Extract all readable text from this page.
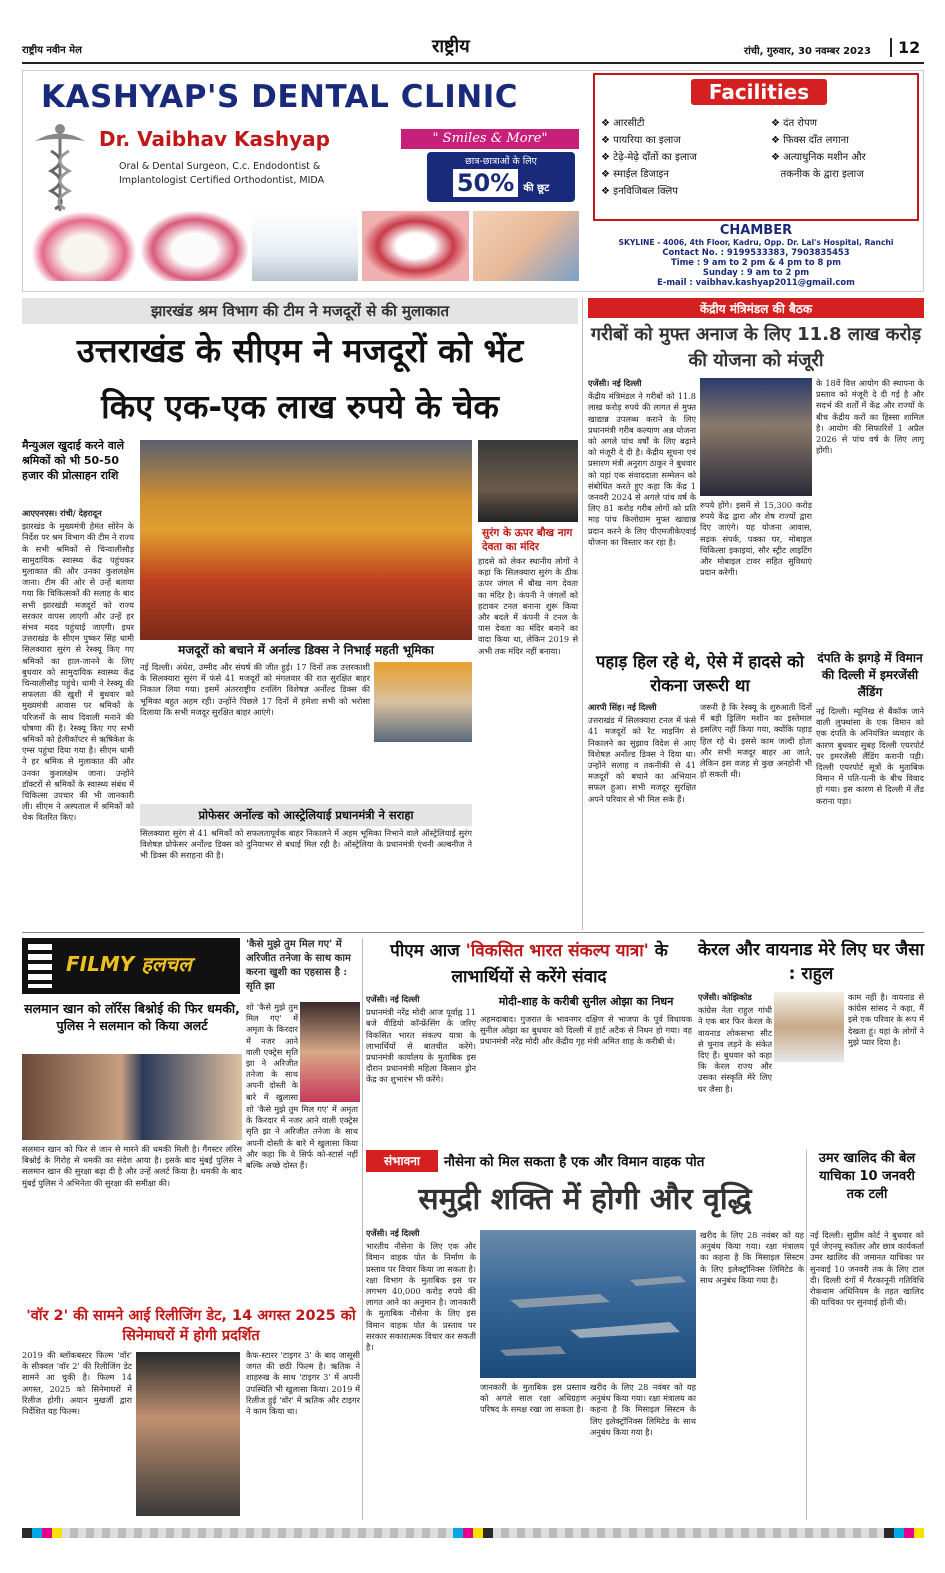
राष्ट्रीय नवीन मेल	राष्ट्रीय	रांची, गुरुवार, 30 नवम्बर 2023	12
KASHYAP'S DENTAL CLINIC
Dr. Vaibhav Kashyap
Oral & Dental Surgeon, C.c. Endodontist &
Implantologist Certified Orthodontist, MIDA
" Smiles & More"
छात्र-छात्राओं के लिए
50% की छूट
Facilities
❖ आरसीटी
❖ पायरिया का इलाज
❖ टेढ़े-मेढ़े दाँतों का इलाज
❖ स्माईल डिजाइन
❖ इनविजिबल क्लिप
❖ दंत रोपण
❖ फिक्स दाँत लगाना
❖ अत्याधुनिक मशीन और
तकनीक के द्वारा इलाज
CHAMBER
SKYLINE - 4006, 4th Floor, Kadru, Opp. Dr. Lal's Hospital, Ranchi
Contact No. : 9199533383, 7903835453
Time : 9 am to 2 pm & 4 pm to 8 pm
Sunday : 9 am to 2 pm
E-mail : vaibhav.kashyap2011@gmail.com
झारखंड श्रम विभाग की टीम ने मजदूरों से की मुलाकात
उत्तराखंड के सीएम ने मजदूरों को भेंट
किए एक-एक लाख रुपये के चेक
मैन्युअल खुदाई करने वाले श्रमिकों को भी 50-50 हजार की प्रोत्साहन राशि

आएएनएस। रांची/ देहरादून

झारखंड के मुख्यमंत्री हेमंत सोरेन के निर्देश पर श्रम विभाग की टीम ने राज्य के सभी श्रमिकों से चिन्यालीसौड़ सामुदायिक स्वास्थ्य केंद्र पहुंचकर मुलाकात की और उनका कुशलक्षेम जाना। टीम की ओर से उन्हें बताया गया कि चिकित्सकों की सलाह के बाद सभी झारखंडी मजदूरों को राज्य सरकार वापस लाएगी और उन्हें हर संभव मदद पहुंचाई जाएगी। इधर उत्तराखंड के सीएम पुष्कर सिंह धामी सिलक्यारा सुरंग से रेस्क्यू किए गए श्रमिकों का हाल-जानने के लिए बुधवार को सामुदायिक स्वास्थ्य केंद्र चिन्यालीसौड़ पहुंचे। धामी ने रेस्क्यू की सफलता की खुशी में बुधवार को मुख्यमंत्री आवास पर श्रमिकों के परिजनों के साथ दिवाली मनाने की घोषणा की है। रेस्क्यू किए गए सभी श्रमिकों को हेलीकॉप्टर से ऋषिकेश के एम्स पहुंचा दिया गया है। सीएम धामी ने हर श्रमिक से मुलाकात की और उनका कुशलक्षेम जाना। उन्होंने डॉक्टरों से श्रमिकों के स्वास्थ्य संबंध में चिकित्सा उपचार की भी जानकारी ली। सीएम ने अस्पताल में श्रमिकों को चेक वितरित किए।

मजदूरों को बचाने में अर्नाल्ड डिक्स ने निभाई महती भूमिका
नई दिल्ली। अंधेरा, उम्मीद और संघर्ष की जीत हुई। 17 दिनों तक उत्तरकाशी के सिलक्यारा सुरंग में फंसे 41 मजदूरों को मंगलवार की रात सुरक्षित बाहर निकाल लिया गया। इसमें अंतरराष्ट्रीय टनलिंग विशेषज्ञ अर्नोल्ड डिक्स की भूमिका बहुत अहम रही। उन्होंने पिछले 17 दिनों में हमेशा सभी को भरोसा दिलाया कि सभी मजदूर सुरक्षित बाहर आएंगे।
सुरंग के ऊपर बौख नाग देवता का मंदिर
हादसे को लेकर स्थानीय लोगों ने कहा कि सिलक्यारा सुरंग के ठीक ऊपर जंगल में बौख नाग देवता का मंदिर है। कंपनी ने जंगलों को हटाकर टनल बनाना शुरू किया और बदले में कंपनी ने टनल के पास देवता का मंदिर बनाने का वादा किया था, लेकिन 2019 से अभी तक मंदिर नहीं बनाया।
प्रोफेसर अर्नोल्ड को आस्ट्रेलियाई प्रधानमंत्री ने सराहा
सिलक्यारा सुरंग से 41 श्रमिकों को सफलतापूर्वक बाहर निकालने में अहम भूमिका निभाने वाले ऑस्ट्रेलियाई सुरंग विशेषज्ञ प्रोफेसर अर्नोल्ड डिक्स को दुनियाभर से बधाई मिल रही है। ऑस्ट्रेलिया के प्रधानमंत्री एंथनी अल्बनीज ने भी डिक्स की सराहना की है।
केंद्रीय मंत्रिमंडल की बैठक
गरीबों को मुफ्त अनाज के लिए 11.8 लाख करोड़ की योजना को मंजूरी

एजेंसी। नई दिल्ली

केंद्रीय मंत्रिमंडल ने गरीबों को 11.8 लाख करोड़ रुपये की लागत से मुफ्त खाद्यान्न उपलब्ध कराने के लिए प्रधानमंत्री गरीब कल्याण अन्न योजना को अगले पांच वर्षों के लिए बढ़ाने को मंजूरी दे दी है। केंद्रीय सूचना एवं प्रसारण मंत्री अनुराग ठाकुर ने बुधवार को यहां एक संवाददाता सम्मेलन को संबोधित करते हुए कहा कि केंद्र 1 जनवरी 2024 से अगले पांच वर्ष के लिए 81 करोड़ गरीब लोगों को प्रति माह पांच किलोग्राम मुफ्त खाद्यान्न प्रदान करने के लिए पीएमजीकेएवाई योजना का विस्तार कर रहा है।

रुपये होंगे। इसमें से 15,300 करोड़ रुपये केंद्र द्वारा और शेष राज्यों द्वारा दिए जाएंगे। यह योजना आवास, सड़क संपर्क, पक्का घर, मोबाइल चिकित्सा इकाइयां, सौर स्ट्रीट लाइटिंग और मोबाइल टावर सहित सुविधाएं प्रदान करेगी।
के 18वें वित्त आयोग की स्थापना के प्रस्ताव को मंजूरी दे दी गई है और सदर्भ की शर्तों में केंद्र और राज्यों के बीच केंद्रीय करों का हिस्सा शामिल है। आयोग की सिफारिशें 1 अप्रैल 2026 से पांच वर्ष के लिए लागू होंगी।
पहाड़ हिल रहे थे, ऐसे में हादसे को रोकना जरूरी था

आरपी सिंह। नई दिल्ली

उत्तराखंड में सिलक्यारा टनल में फंसे 41 मजदूरों को रैट माइनिंग से निकालने का सुझाव विदेश से आए विशेषज्ञ अर्नोल्ड डिक्स ने दिया था। उन्होंने सलाह व तकनीकी से 41 मजदूरों को बचाने का अभियान सफल हुआ। सभी मजदूर सुरक्षित अपने परिवार से भी मिल सके हैं।

जरूरी है कि रेस्क्यू के शुरुआती दिनों में बड़ी ड्रिलिंग मशीन का इस्तेमाल इसलिए नहीं किया गया, क्योंकि पहाड़ हिल रहे थे। इससे काम जल्दी होता और सभी मजदूर बाहर आ जाते, लेकिन इस वजह से कुछ अनहोनी भी हो सकती थी।
दंपति के झगड़े में विमान की दिल्ली में इमरजेंसी लैंडिंग
नई दिल्ली। म्यूनिख से बैंकॉक जाने वाली लुफ्थांसा के एक विमान को एक दंपति के अनियंत्रित व्यवहार के कारण बुधवार सुबह दिल्ली एयरपोर्ट पर इमरजेंसी लैंडिंग करानी पड़ी। दिल्ली एयरपोर्ट सूत्रों के मुताबिक विमान में पति-पत्नी के बीच विवाद हो गया। इस कारण से दिल्ली में लैंड कराना पड़ा।
FILMY हलचल
'कैसे मुझे तुम मिल गए' में अरिजीत तनेजा के साथ काम करना खुशी का एहसास है : सृति झा
सलमान खान को लॉरेंस बिश्नोई की फिर धमकी, पुलिस ने सलमान को किया अलर्ट
सलमान खान को फिर से जान से मारने की धमकी मिली है। गैंगस्टर लॉरेंस बिश्नोई के गिरोह से धमकी का संदेश आया है। इसके बाद मुंबई पुलिस ने सलमान खान की सुरक्षा बढ़ा दी है और उन्हें अलर्ट किया है। धमकी के बाद मुंबई पुलिस ने अभिनेता की सुरक्षा की समीक्षा की।

शो 'कैसे मुझे तुम मिल गए' में अमृता के किरदार में नजर आने वाली एक्ट्रेस सृति झा ने अरिजीत तनेजा के साथ अपनी दोस्ती के बारे में खुलासा

शो 'कैसे मुझे तुम मिल गए' में अमृता के किरदार में नजर आने वाली एक्ट्रेस सृति झा ने अरिजीत तनेजा के साथ अपनी दोस्ती के बारे में खुलासा किया और कहा कि वे सिर्फ को-स्टार्स नहीं बल्कि अच्छे दोस्त हैं।
'वॉर 2' की सामने आई रिलीजिंग डेट, 14 अगस्त 2025 को सिनेमाघरों में होगी प्रदर्शित
2019 की ब्लॉकबस्टर फिल्म 'वॉर' के सीक्वल 'वॉर 2' की रिलीजिंग डेट सामने आ चुकी है। फिल्म 14 अगस्त, 2025 को सिनेमाघरों में रिलीज होगी। अयान मुखर्जी द्वारा निर्देशित यह फिल्म।
कैफ-स्टारर 'टाइगर 3' के बाद जासूसी जगत की छठी फिल्म है। ऋतिक ने शाहरुख के साथ 'टाइगर 3' में अपनी उपस्थिति भी खुलासा किया। 2019 में रिलीज हुई 'वॉर' में ऋतिक और टाइगर ने काम किया था।
पीएम आज 'विकसित भारत संकल्प यात्रा' के लाभार्थियों से करेंगे संवाद

एजेंसी। नई दिल्ली

प्रधानमंत्री नरेंद्र मोदी आज पूर्वाह्न 11 बजे वीडियो कॉन्फ्रेंसिंग के जरिए विकसित भारत संकल्प यात्रा के लाभार्थियों से बातचीत करेंगे। प्रधानमंत्री कार्यालय के मुताबिक इस दौरान प्रधानमंत्री महिला किसान ड्रोन केंद्र का शुभारंभ भी करेंगे।

मोदी-शाह के करीबी सुनील ओझा का निधन
अहमदाबाद। गुजरात के भावनगर दक्षिण से भाजपा के पूर्व विधायक सुनील ओझा का बुधवार को दिल्ली में हार्ट अटैक से निधन हो गया। वह प्रधानमंत्री नरेंद्र मोदी और केंद्रीय गृह मंत्री अमित शाह के करीबी थे।
केरल और वायनाड मेरे लिए घर जैसा : राहुल

एजेंसी। कोझिकोड

कांग्रेस नेता राहुल गांधी ने एक बार फिर केरल के वायनाड लोकसभा सीट से चुनाव लड़ने के संकेत दिए हैं। बुधवार को कहा कि केरल राज्य और उसका संस्कृति मेरे लिए घर जैसा है।

काम नहीं है। वायनाड से कांग्रेस सांसद ने कहा, मैं इसे एक परिवार के रूप में देखता हूं। यहां के लोगों ने मुझे प्यार दिया है।
संभावना	नौसेना को मिल सकता है एक और विमान वाहक पोत
समुद्री शक्ति में होगी और वृद्धि

एजेंसी। नई दिल्ली

भारतीय नौसेना के लिए एक और विमान वाहक पोत के निर्माण के प्रस्ताव पर विचार किया जा सकता है। रक्षा विभाग के मुताबिक इस पर लगभग 40,000 करोड़ रुपये की लागत आने का अनुमान है। जानकारी के मुताबिक नौसेना के लिए इस विमान वाहक पोत के प्रस्ताव पर सरकार सकारात्मक विचार कर सकती है।

जानकारी के मुताबिक इस प्रस्ताव को अगले साल रक्षा अधिग्रहण परिषद के समक्ष रखा जा सकता है।
खरीद के लिए 28 नवंबर को यह अनुबंध किया गया। रक्षा मंत्रालय का कहना है कि मिसाइल सिस्टम के लिए इलेक्ट्रॉनिक्स लिमिटेड के साथ अनुबंध किया गया है।
खरीद के लिए 28 नवंबर को यह अनुबंध किया गया। रक्षा मंत्रालय का कहना है कि मिसाइल सिस्टम के लिए इलेक्ट्रॉनिक्स लिमिटेड के साथ अनुबंध किया गया है।
उमर खालिद की बेल याचिका 10 जनवरी तक टली
नई दिल्ली। सुप्रीम कोर्ट ने बुधवार को पूर्व जेएनयू स्कॉलर और छात्र कार्यकर्ता उमर खालिद की जमानत याचिका पर सुनवाई 10 जनवरी तक के लिए टाल दी। दिल्ली दंगों में गैरकानूनी गतिविधि रोकथाम अधिनियम के तहत खालिद की याचिका पर सुनवाई होनी थी।
